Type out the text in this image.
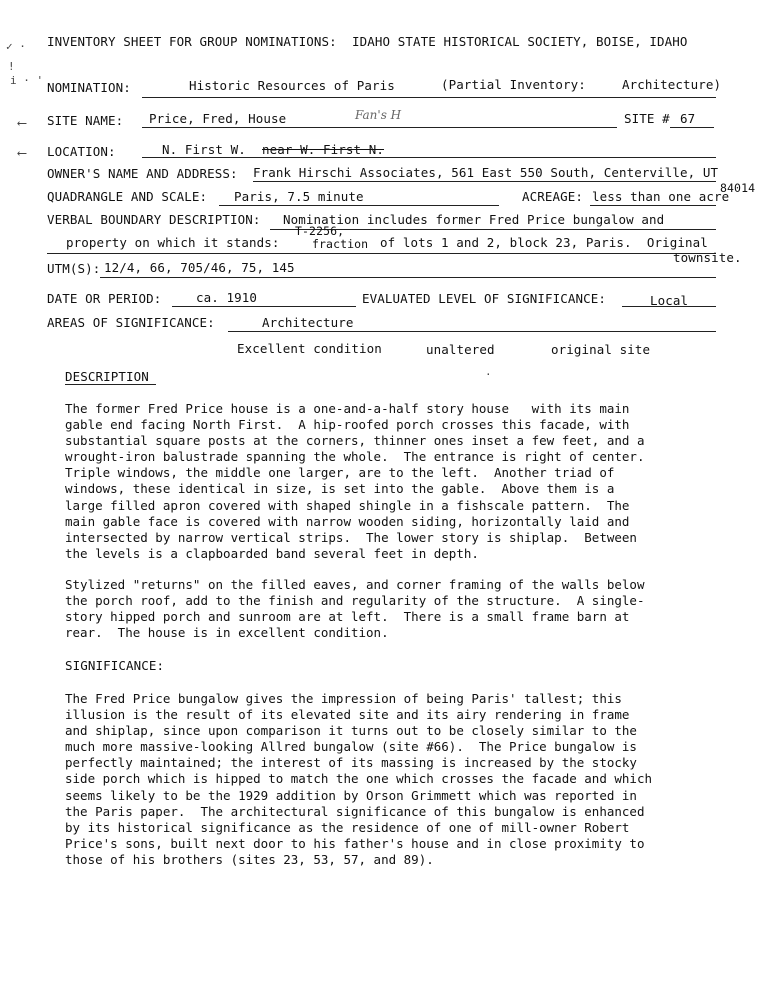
✓ ·
!
i · '
INVENTORY SHEET FOR GROUP NOMINATIONS:  IDAHO STATE HISTORICAL SOCIETY, BOISE, IDAHO
NOMINATION:	Historic Resources of Paris	(Partial Inventory:	Architecture)
⟵ SITE NAME: Price, Fred, House	Fan's H	SITE # 67
⟵ LOCATION:	N. First W. near W. First N.
OWNER'S NAME AND ADDRESS: Frank Hirschi Associates, 561 East 550 South, Centerville, UT
84014
QUADRANGLE AND SCALE: Paris, 7.5 minute	ACREAGE: less than one acre
VERBAL BOUNDARY DESCRIPTION: Nomination includes former Fred Price bungalow and
property on which it stands:
T-2256,
fraction of lots 1 and 2, block 23, Paris.  Original
townsite.
UTM(S): 12/4, 66, 705/46, 75, 145
DATE OR PERIOD:	ca. 1910	EVALUATED LEVEL OF SIGNIFICANCE:	Local
AREAS OF SIGNIFICANCE:	Architecture
Excellent condition	unaltered	original site
DESCRIPTION	·
The former Fred Price house is a one-and-a-half story house   with its main
gable end facing North First.  A hip-roofed porch crosses this facade, with
substantial square posts at the corners, thinner ones inset a few feet, and a
wrought-iron balustrade spanning the whole.  The entrance is right of center.
Triple windows, the middle one larger, are to the left.  Another triad of
windows, these identical in size, is set into the gable.  Above them is a
large filled apron covered with shaped shingle in a fishscale pattern.  The
main gable face is covered with narrow wooden siding, horizontally laid and
intersected by narrow vertical strips.  The lower story is shiplap.  Between
the levels is a clapboarded band several feet in depth.
Stylized "returns" on the filled eaves, and corner framing of the walls below
the porch roof, add to the finish and regularity of the structure.  A single-
story hipped porch and sunroom are at left.  There is a small frame barn at
rear.  The house is in excellent condition.
SIGNIFICANCE:
The Fred Price bungalow gives the impression of being Paris' tallest; this
illusion is the result of its elevated site and its airy rendering in frame
and shiplap, since upon comparison it turns out to be closely similar to the
much more massive-looking Allred bungalow (site #66).  The Price bungalow is
perfectly maintained; the interest of its massing is increased by the stocky
side porch which is hipped to match the one which crosses the facade and which
seems likely to be the 1929 addition by Orson Grimmett which was reported in
the Paris paper.  The architectural significance of this bungalow is enhanced
by its historical significance as the residence of one of mill-owner Robert
Price's sons, built next door to his father's house and in close proximity to
those of his brothers (sites 23, 53, 57, and 89).
